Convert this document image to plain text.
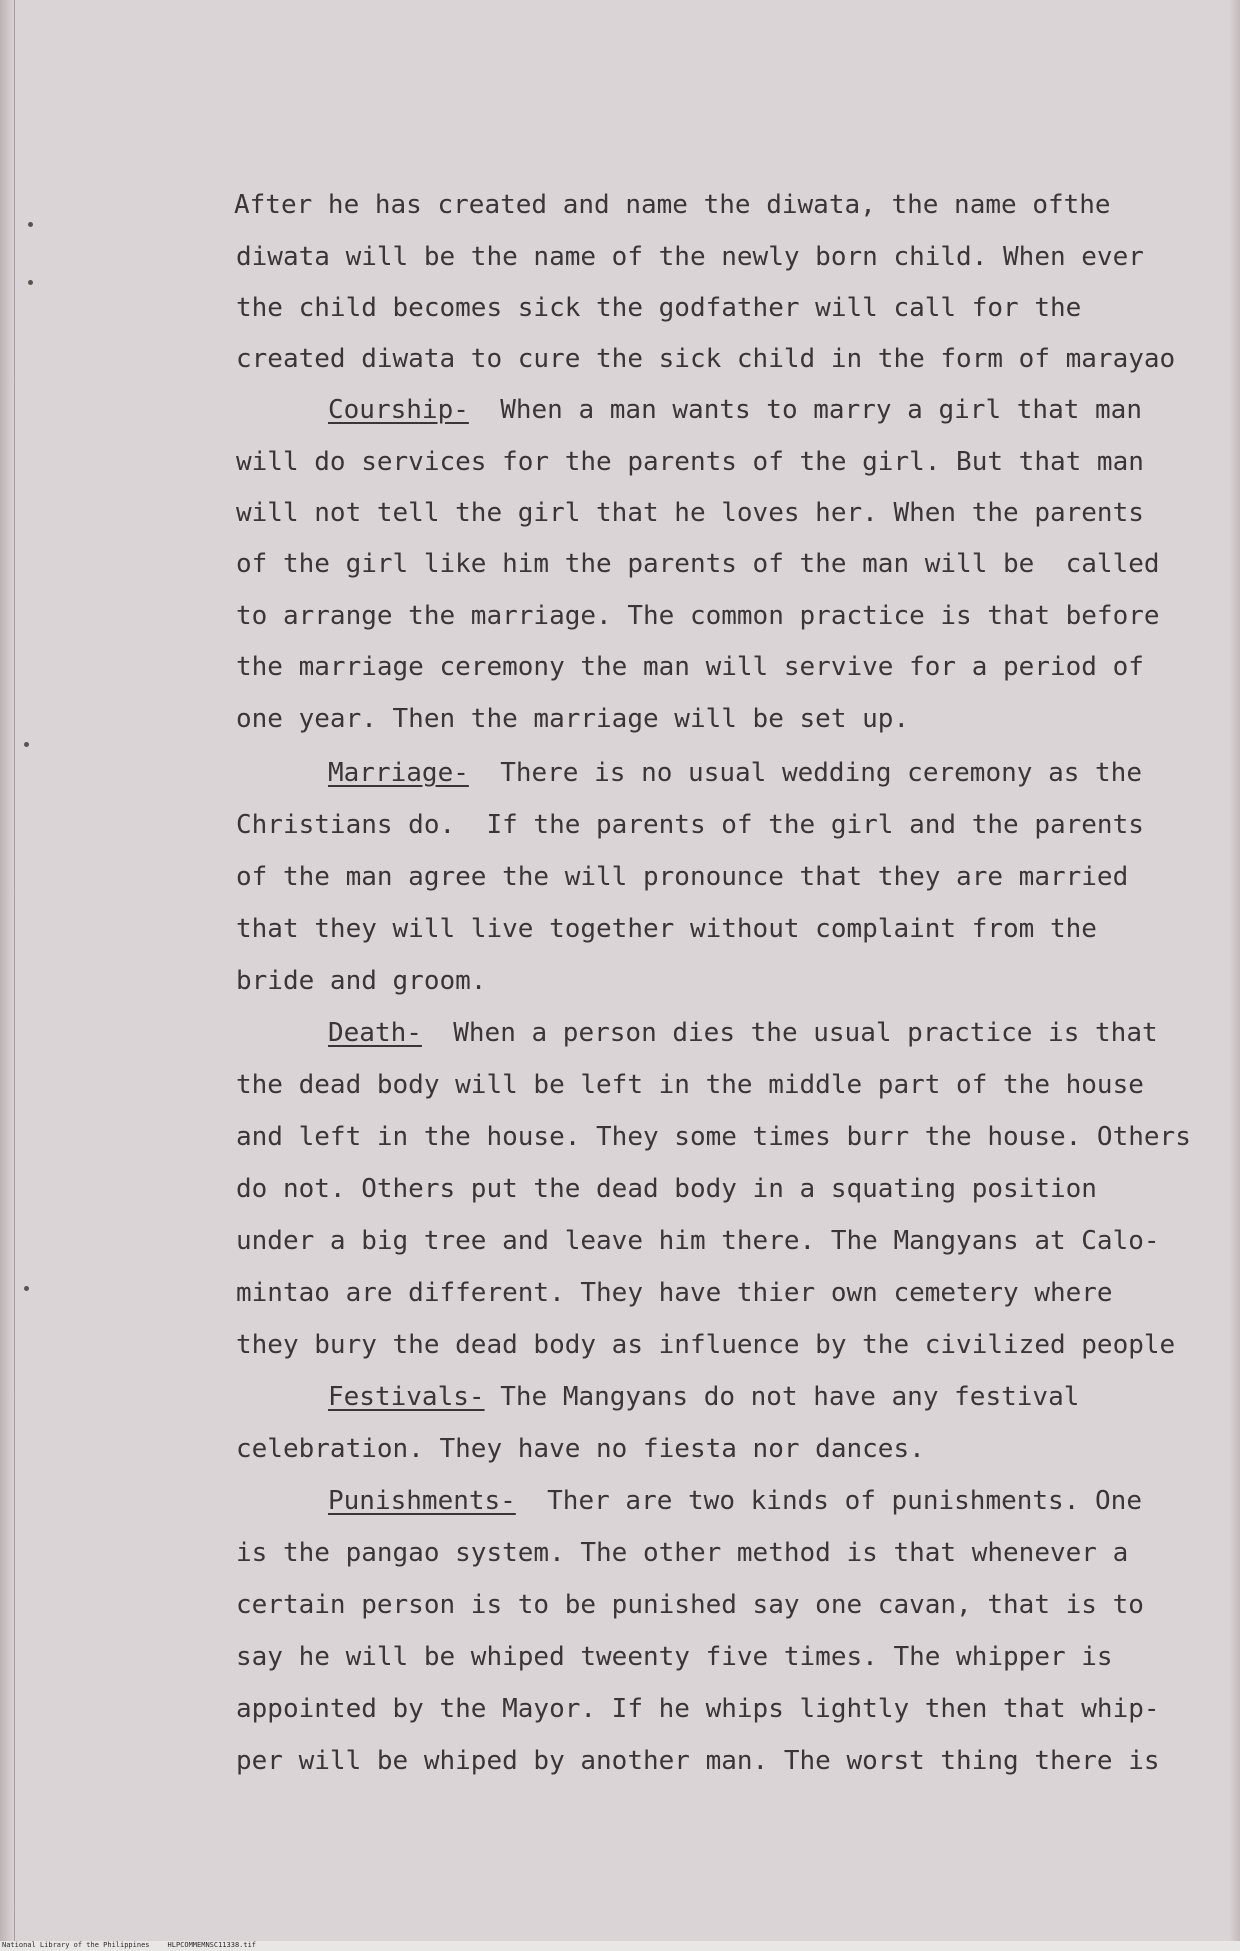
After he has created and name the diwata, the name ofthe
diwata will be the name of the newly born child. When ever
the child becomes sick the godfather will call for the
created diwata to cure the sick child in the form of marayao
Courship-  When a man wants to marry a girl that man
will do services for the parents of the girl. But that man
will not tell the girl that he loves her. When the parents
of the girl like him the parents of the man will be  called
to arrange the marriage. The common practice is that before
the marriage ceremony the man will servive for a period of
one year. Then the marriage will be set up.
Marriage-  There is no usual wedding ceremony as the
Christians do.  If the parents of the girl and the parents
of the man agree the will pronounce that they are married
that they will live together without complaint from the
bride and groom.
Death-  When a person dies the usual practice is that
the dead body will be left in the middle part of the house
and left in the house. They some times burr the house. Others
do not. Others put the dead body in a squating position
under a big tree and leave him there. The Mangyans at Calo-
mintao are different. They have thier own cemetery where
they bury the dead body as influence by the civilized people
Festivals- The Mangyans do not have any festival
celebration. They have no fiesta nor dances.
Punishments-  Ther are two kinds of punishments. One
is the pangao system. The other method is that whenever a
certain person is to be punished say one cavan, that is to
say he will be whiped tweenty five times. The whipper is
appointed by the Mayor. If he whips lightly then that whip-
per will be whiped by another man. The worst thing there is
National Library of the Philippines	HLPCOMMEMNSC11338.tif
